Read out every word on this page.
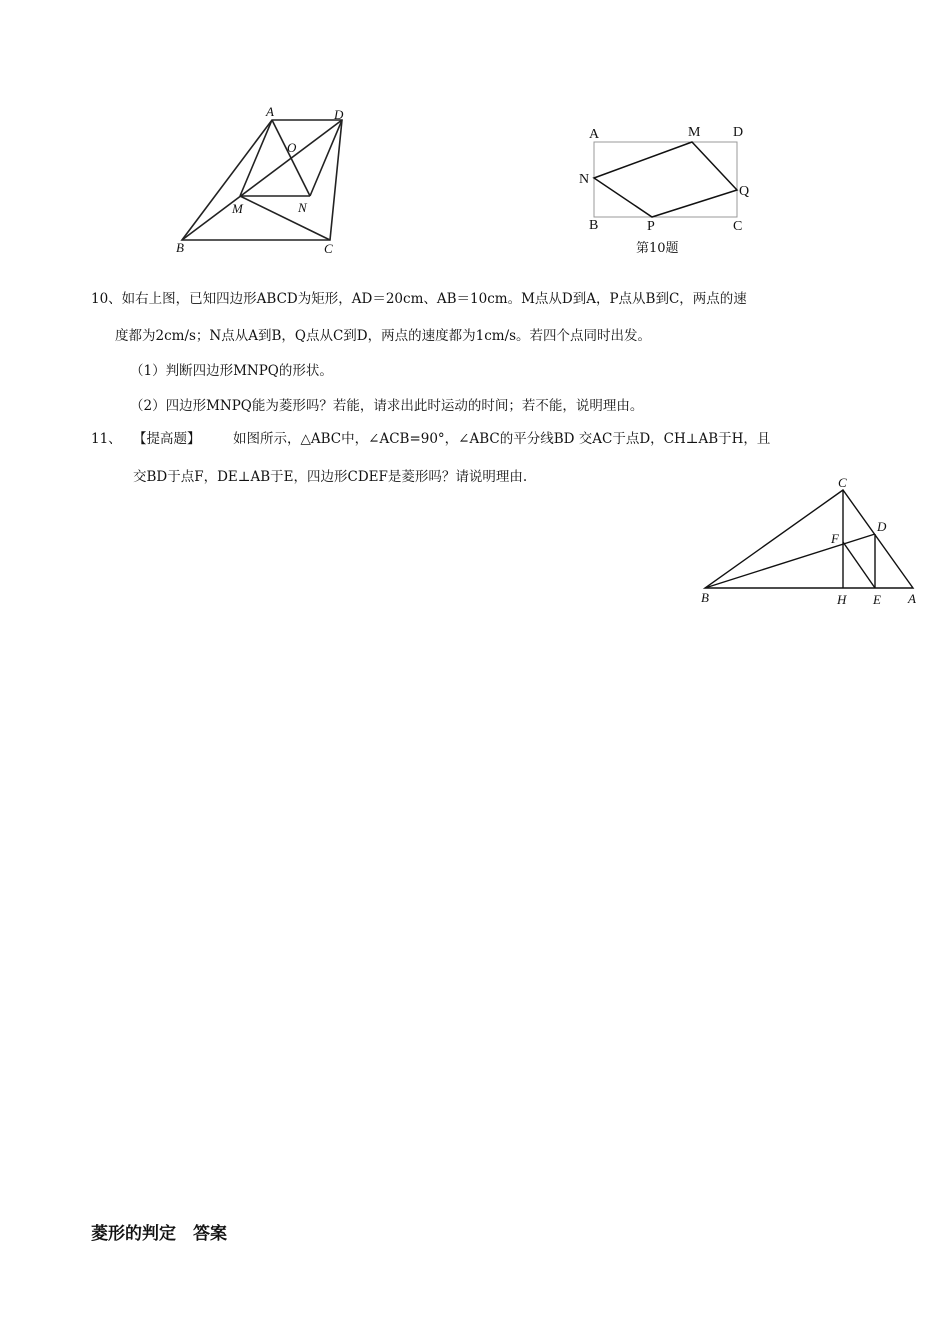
A	D
O
M	N
B	C
A	M D
N
Q
B	P	C
第10题
10、如右上图，已知四边形ABCD为矩形，AD＝20cm、AB＝10cm。M点从D到A，P点从B到C，两点的速
度都为2cm/s；N点从A到B，Q点从C到D，两点的速度都为1cm/s。若四个点同时出发。
（1）判断四边形MNPQ的形状。
（2）四边形MNPQ能为菱形吗？若能，请求出此时运动的时间；若不能，说明理由。
11、 【提高题】 如图所示，△ABC中，∠ACB=90°，∠ABC的平分线BD 交AC于点D，CH⊥AB于H，且
交BD于点F，DE⊥AB于E，四边形CDEF是菱形吗？请说明理由.	C
D
F
B	H E A
菱形的判定　答案
